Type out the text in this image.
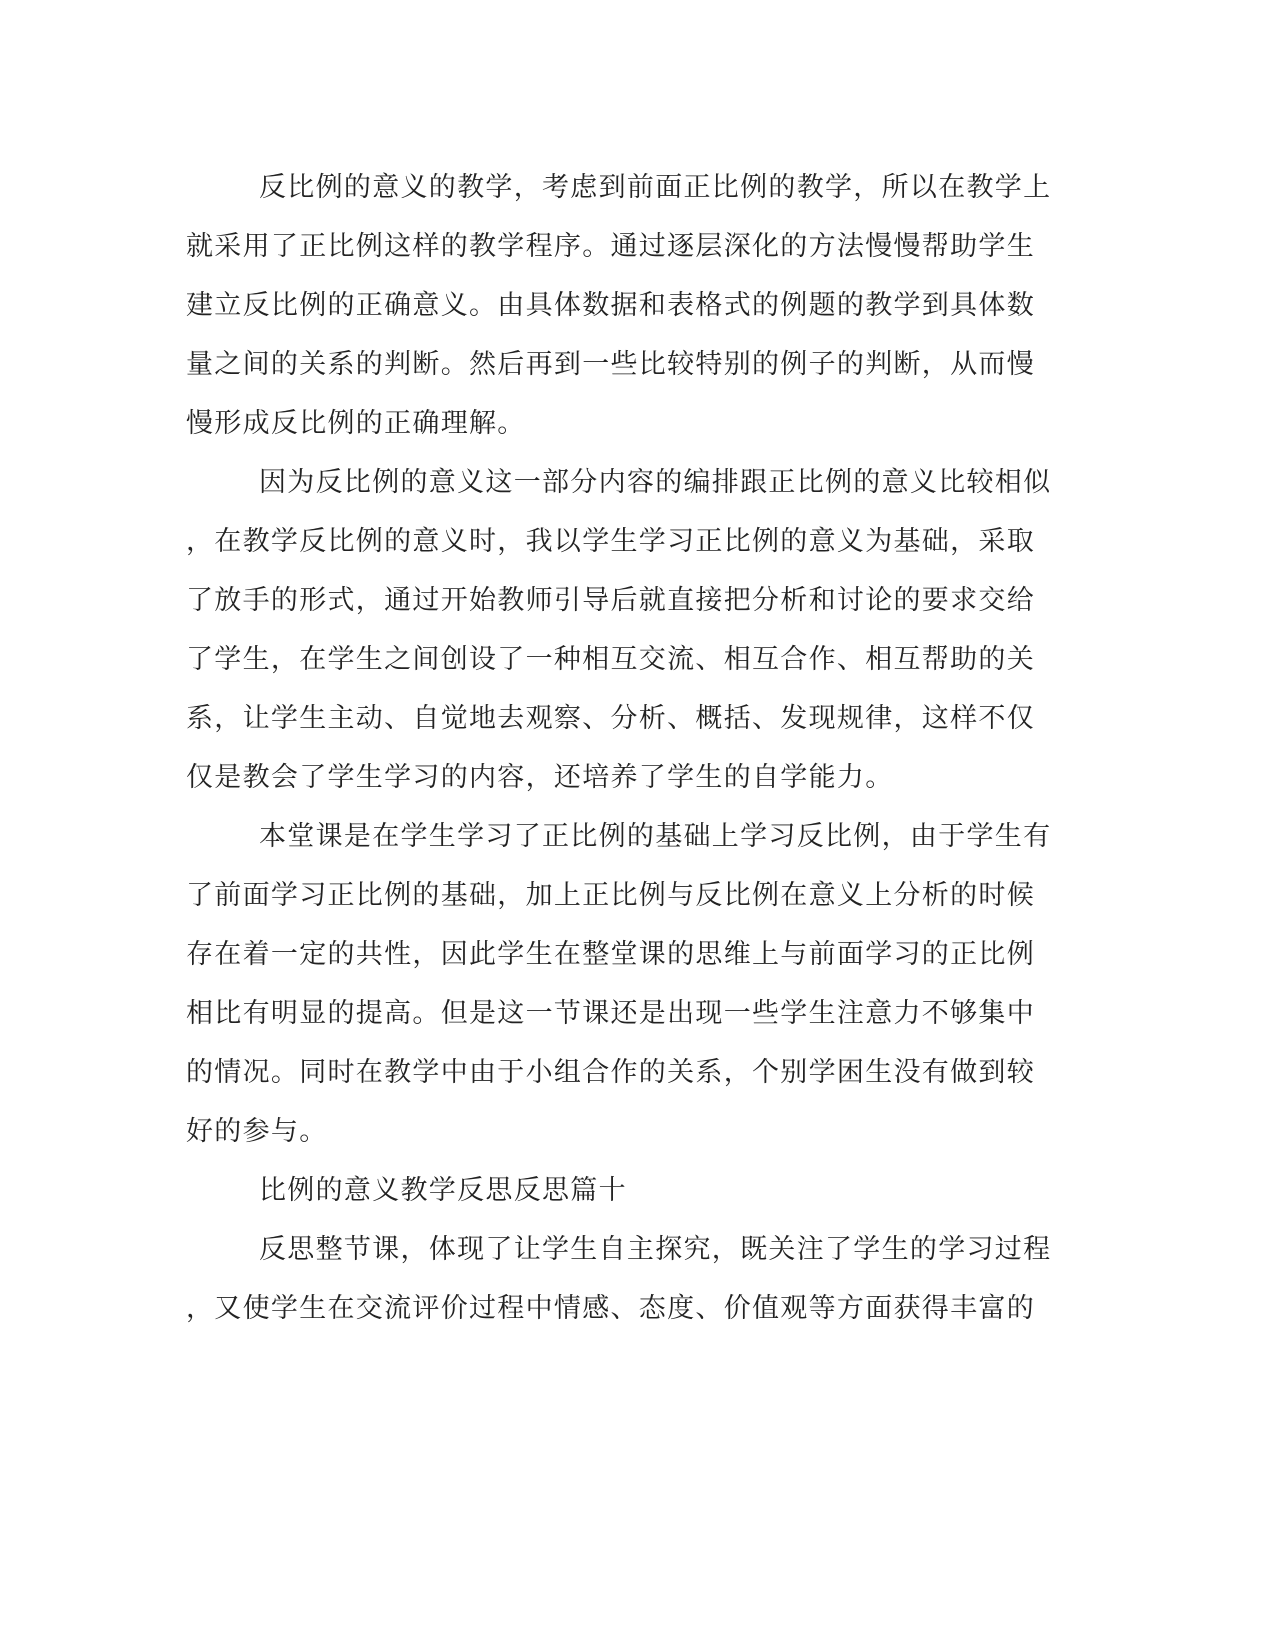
反比例的意义的教学，考虑到前面正比例的教学，所以在教学上
就采用了正比例这样的教学程序。通过逐层深化的方法慢慢帮助学生
建立反比例的正确意义。由具体数据和表格式的例题的教学到具体数
量之间的关系的判断。然后再到一些比较特别的例子的判断，从而慢
慢形成反比例的正确理解。
因为反比例的意义这一部分内容的编排跟正比例的意义比较相似
，在教学反比例的意义时，我以学生学习正比例的意义为基础，采取
了放手的形式，通过开始教师引导后就直接把分析和讨论的要求交给
了学生，在学生之间创设了一种相互交流、相互合作、相互帮助的关
系，让学生主动、自觉地去观察、分析、概括、发现规律，这样不仅
仅是教会了学生学习的内容，还培养了学生的自学能力。
本堂课是在学生学习了正比例的基础上学习反比例，由于学生有
了前面学习正比例的基础，加上正比例与反比例在意义上分析的时候
存在着一定的共性，因此学生在整堂课的思维上与前面学习的正比例
相比有明显的提高。但是这一节课还是出现一些学生注意力不够集中
的情况。同时在教学中由于小组合作的关系，个别学困生没有做到较
好的参与。
比例的意义教学反思反思篇十
反思整节课，体现了让学生自主探究，既关注了学生的学习过程
，又使学生在交流评价过程中情感、态度、价值观等方面获得丰富的
